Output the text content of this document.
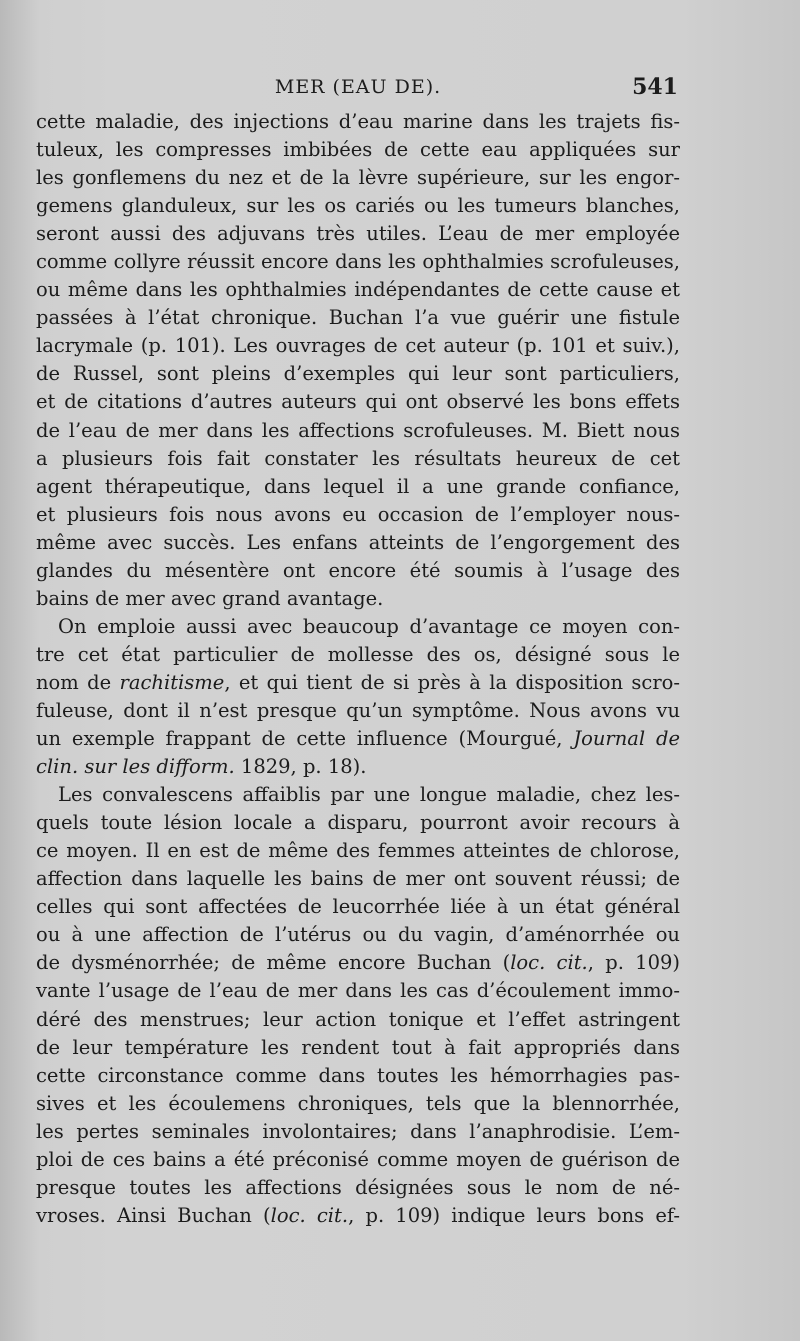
MER (EAU DE).	541
cette maladie, des injections d’eau marine dans les trajets fis-
tuleux, les compresses imbibées de cette eau appliquées sur
les gonflemens du nez et de la lèvre supérieure, sur les engor-
gemens glanduleux, sur les os cariés ou les tumeurs blanches,
seront aussi des adjuvans très utiles. L’eau de mer employée
comme collyre réussit encore dans les ophthalmies scrofuleuses,
ou même dans les ophthalmies indépendantes de cette cause et
passées à l’état chronique. Buchan l’a vue guérir une fistule
lacrymale (p. 101). Les ouvrages de cet auteur (p. 101 et suiv.),
de Russel, sont pleins d’exemples qui leur sont particuliers,
et de citations d’autres auteurs qui ont observé les bons effets
de l’eau de mer dans les affections scrofuleuses. M. Biett nous
a plusieurs fois fait constater les résultats heureux de cet
agent thérapeutique, dans lequel il a une grande confiance,
et plusieurs fois nous avons eu occasion de l’employer nous-
même avec succès. Les enfans atteints de l’engorgement des
glandes du mésentère ont encore été soumis à l’usage des
bains de mer avec grand avantage.
On emploie aussi avec beaucoup d’avantage ce moyen con-
tre cet état particulier de mollesse des os, désigné sous le
nom de rachitisme, et qui tient de si près à la disposition scro-
fuleuse, dont il n’est presque qu’un symptôme. Nous avons vu
un exemple frappant de cette influence (Mourgué, Journal de
clin. sur les difform. 1829, p. 18).
Les convalescens affaiblis par une longue maladie, chez les-
quels toute lésion locale a disparu, pourront avoir recours à
ce moyen. Il en est de même des femmes atteintes de chlorose,
affection dans laquelle les bains de mer ont souvent réussi; de
celles qui sont affectées de leucorrhée liée à un état général
ou à une affection de l’utérus ou du vagin, d’aménorrhée ou
de dysménorrhée; de même encore Buchan (loc. cit., p. 109)
vante l’usage de l’eau de mer dans les cas d’écoulement immo-
déré des menstrues; leur action tonique et l’effet astringent
de leur température les rendent tout à fait appropriés dans
cette circonstance comme dans toutes les hémorrhagies pas-
sives et les écoulemens chroniques, tels que la blennorrhée,
les pertes seminales involontaires; dans l’anaphrodisie. L’em-
ploi de ces bains a été préconisé comme moyen de guérison de
presque toutes les affections désignées sous le nom de né-
vroses. Ainsi Buchan (loc. cit., p. 109) indique leurs bons ef-
